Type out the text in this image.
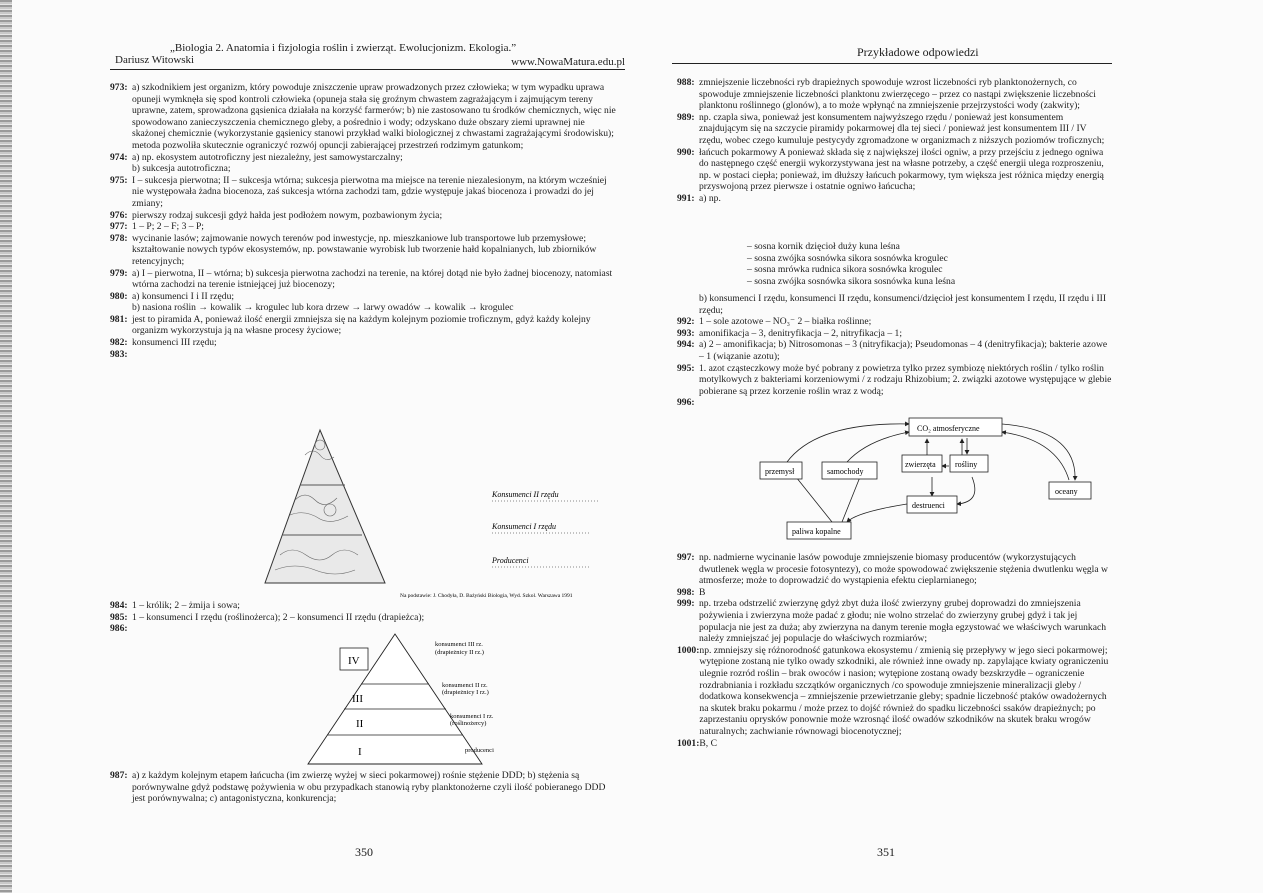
„Biologia 2. Anatomia i fizjologia roślin i zwierząt. Ewolucjonizm. Ekologia.”
Dariusz Witowski	www.NowaMatura.edu.pl
973: a) szkodnikiem jest organizm, który powoduje zniszczenie upraw prowadzonych przez człowieka; w tym wypadku uprawa opuneji wymknęła się spod kontroli człowieka (opuneja stała się groźnym chwastem zagrażającym i zajmującym tereny uprawne, zatem, sprowadzona gąsienica działała na korzyść farmerów; b) nie zastosowano tu środków chemicznych, więc nie spowodowano zanieczyszczenia chemicznego gleby, a pośrednio i wody; odzyskano duże obszary ziemi uprawnej nie skażonej chemicznie (wykorzystanie gąsienicy stanowi przykład walki biologicznej z chwastami zagrażającymi środowisku); metoda pozwoliła skutecznie ograniczyć rozwój opuncji zabierającej przestrzeń rodzimym gatunkom;
974: a) np. ekosystem autotroficzny jest niezależny, jest samowystarczalny;
b) sukcesja autotroficzna;
975: I – sukcesja pierwotna; II – sukcesja wtórna; sukcesja pierwotna ma miejsce na terenie niezalesionym, na którym wcześniej nie występowała żadna biocenoza, zaś sukcesja wtórna zachodzi tam, gdzie występuje jakaś biocenoza i prowadzi do jej zmiany;
976: pierwszy rodzaj sukcesji gdyż hałda jest podłożem nowym, pozbawionym życia;
977: 1 – P; 2 – F; 3 – P;
978: wycinanie lasów; zajmowanie nowych terenów pod inwestycje, np. mieszkaniowe lub transportowe lub przemysłowe; kształtowanie nowych typów ekosystemów, np. powstawanie wyrobisk lub tworzenie hałd kopalnianych, lub zbiorników retencyjnych;
979: a) I – pierwotna, II – wtórna; b) sukcesja pierwotna zachodzi na terenie, na której dotąd nie było żadnej biocenozy, natomiast wtórna zachodzi na terenie istniejącej już biocenozy;
980: a) konsumenci I i II rzędu;
b) nasiona roślin → kowalik → krogulec lub kora drzew → larwy owadów → kowalik → krogulec
981: jest to piramida A, ponieważ ilość energii zmniejsza się na każdym kolejnym poziomie troficznym, gdyż każdy kolejny organizm wykorzystuja ją na własne procesy życiowe;
982: konsumenci III rzędu;
983:
Konsumenci II rzędu
Konsumenci I rzędu
Producenci
Na podstawie: J. Chodyła, D. Bażyński Biologia, Wyd. Szkol. Warszawa 1991
984: 1 – królik; 2 – żmija i sowa;
985: 1 – konsumenci I rzędu (roślinożerca); 2 – konsumenci II rzędu (drapieżca);
986:
IV
III
II
I
konsumenci III rz.
(drapieżnicy II rz.)
konsumenci II rz.
(drapieżnicy I rz.)
konsumenci I rz.
(roślinożercy)
producenci
987: a) z każdym kolejnym etapem łańcucha (im zwierzę wyżej w sieci pokarmowej) rośnie stężenie DDD; b) stężenia są porównywalne gdyż podstawę pożywienia w obu przypadkach stanowią ryby planktonożerne czyli ilość pobieranego DDD jest porównywalna; c) antagonistyczna, konkurencja;
350
Przykładowe odpowiedzi
988: zmniejszenie liczebności ryb drapieżnych spowoduje wzrost liczebności ryb planktonożernych, co spowoduje zmniejszenie liczebności planktonu zwierzęcego – przez co nastąpi zwiększenie liczebności planktonu roślinnego (glonów), a to może wpłynąć na zmniejszenie przejrzystości wody (zakwity);
989: np. czapla siwa, ponieważ jest konsumentem najwyższego rzędu / ponieważ jest konsumentem znajdującym się na szczycie piramidy pokarmowej dla tej sieci / ponieważ jest konsumentem III / IV rzędu, wobec czego kumuluje pestycydy zgromadzone w organizmach z niższych poziomów troficznych;
990: łańcuch pokarmowy A ponieważ składa się z największej ilości ogniw, a przy przejściu z jednego ogniwa do następnego część energii wykorzystywana jest na własne potrzeby, a część energii ulega rozproszeniu, np. w postaci ciepła; ponieważ, im dłuższy łańcuch pokarmowy, tym większa jest różnica między energią przyswojoną przez pierwsze i ostatnie ogniwo łańcucha;
991: a) np.
– sosna kornik dzięcioł duży kuna leśna
– sosna zwójka sosnówka sikora sosnówka krogulec
– sosna mrówka rudnica sikora sosnówka krogulec
– sosna zwójka sosnówka sikora sosnówka kuna leśna
b) konsumenci I rzędu, konsumenci II rzędu, konsumenci/dzięcioł jest konsumentem I rzędu, II rzędu i III rzędu;
992: 1 – sole azotowe – NO₃⁻ 2 – białka roślinne;
993: amonifikacja – 3, denitryfikacja – 2, nitryfikacja – 1;
994: a) 2 – amonifikacja; b) Nitrosomonas – 3 (nitryfikacja); Pseudomonas – 4 (denitryfikacja); bakterie azowe – 1 (wiązanie azotu);
995: 1. azot cząsteczkowy może być pobrany z powietrza tylko przez symbiozę niektórych roślin / tylko roślin motylkowych z bakteriami korzeniowymi / z rodzaju Rhizobium; 2. związki azotowe występujące w glebie pobierane są przez korzenie roślin wraz z wodą;
996:
CO₂ atmosferyczne
przemysł	samochody
zwierzęta rośliny
destruenci
oceany
paliwa kopalne
997: np. nadmierne wycinanie lasów powoduje zmniejszenie biomasy producentów (wykorzystujących dwutlenek węgla w procesie fotosyntezy), co może spowodować zwiększenie stężenia dwutlenku węgla w atmosferze; może to doprowadzić do wystąpienia efektu cieplarnianego;
998: B
999: np. trzeba odstrzelić zwierzynę gdyż zbyt duża ilość zwierzyny grubej doprowadzi do zmniejszenia pożywienia i zwierzyna może padać z głodu; nie wolno strzelać do zwierzyny grubej gdyż i tak jej populacja nie jest za duża; aby zwierzyna na danym terenie mogła egzystować we właściwych warunkach należy zmniejszać jej populacje do właściwych rozmiarów;
1000: np. zmniejszy się różnorodność gatunkowa ekosystemu / zmienią się przepływy w jego sieci pokarmowej; wytępione zostaną nie tylko owady szkodniki, ale również inne owady np. zapylające kwiaty ograniczeniu ulegnie rozród roślin – brak owoców i nasion; wytępione zostaną owady bezskrzydłe – ograniczenie rozdrabniania i rozkładu szczątków organicznych /co spowoduje zmniejszenie mineralizacji gleby / dodatkowa konsekwencja – zmniejszenie przewietrzanie gleby; spadnie liczebność ptaków owadożernych na skutek braku pokarmu / może przez to dojść również do spadku liczebności ssaków drapieżnych; po zaprzestaniu oprysków ponownie może wzrosnąć ilość owadów szkodników na skutek braku wrogów naturalnych; zachwianie równowagi biocenotycznej;
1001: B, C
351
